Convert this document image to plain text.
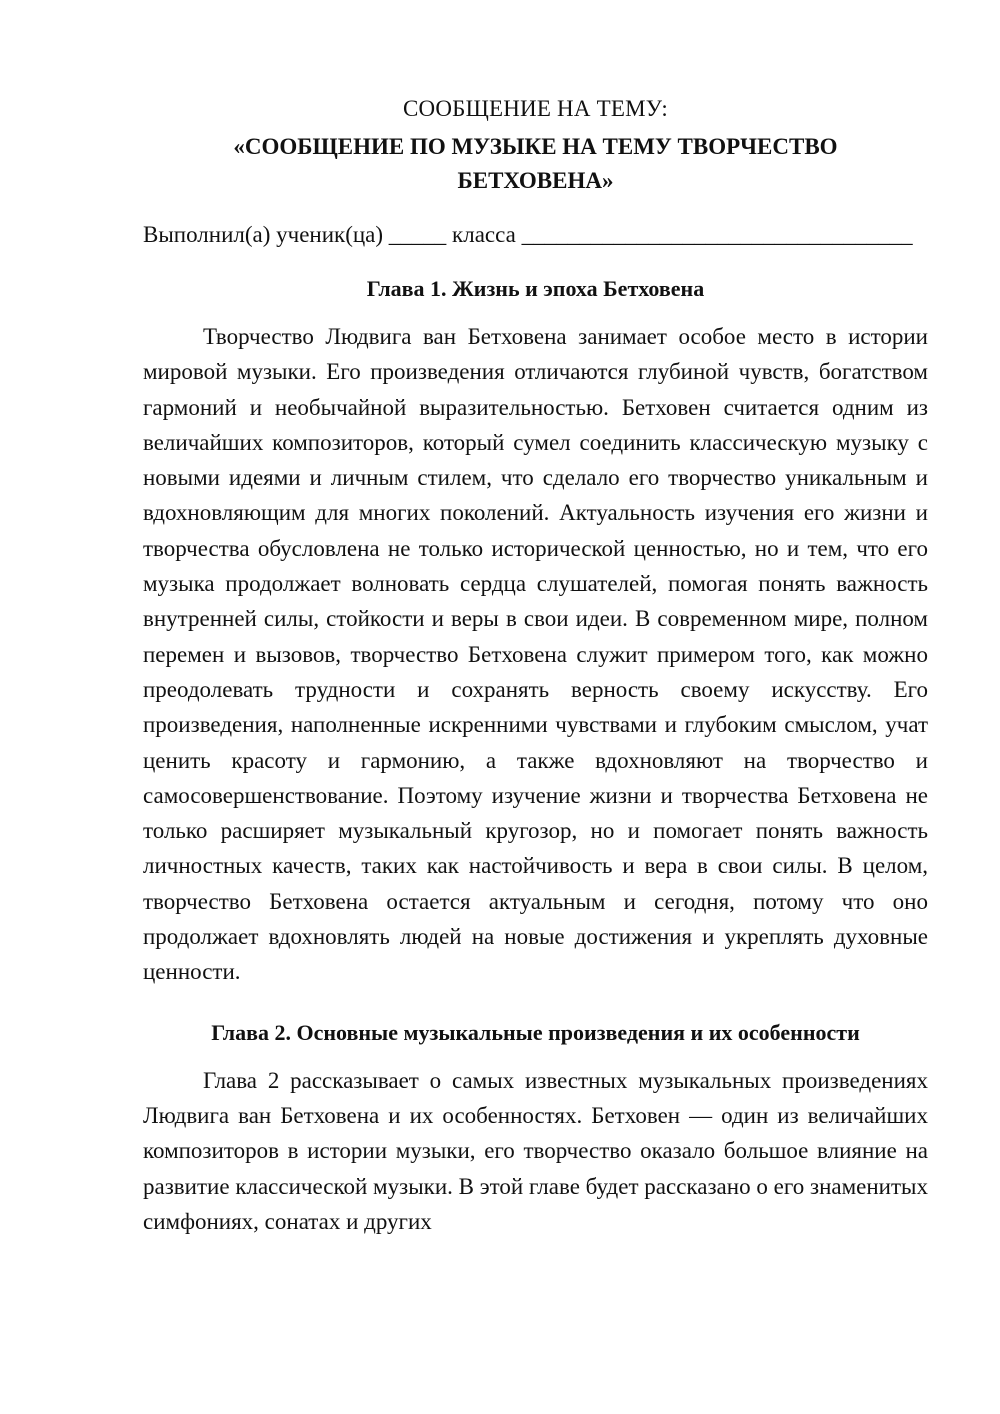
СООБЩЕНИЕ НА ТЕМУ:
«СООБЩЕНИЕ ПО МУЗЫКЕ НА ТЕМУ ТВОРЧЕСТВО БЕТХОВЕНА»
Выполнил(а) ученик(ца) _____ класса __________________________________
Глава 1. Жизнь и эпоха Бетховена

Творчество Людвига ван Бетховена занимает особое место в истории мировой музыки. Его произведения отличаются глубиной чувств, богатством гармоний и необычайной выразительностью. Бетховен считается одним из величайших композиторов, который сумел соединить классическую музыку с новыми идеями и личным стилем, что сделало его творчество уникальным и вдохновляющим для многих поколений. Актуальность изучения его жизни и творчества обусловлена не только исторической ценностью, но и тем, что его музыка продолжает волновать сердца слушателей, помогая понять важность внутренней силы, стойкости и веры в свои идеи. В современном мире, полном перемен и вызовов, творчество Бетховена служит примером того, как можно преодолевать трудности и сохранять верность своему искусству. Его произведения, наполненные искренними чувствами и глубоким смыслом, учат ценить красоту и гармонию, а также вдохновляют на творчество и самосовершенствование. Поэтому изучение жизни и творчества Бетховена не только расширяет музыкальный кругозор, но и помогает понять важность личностных качеств, таких как настойчивость и вера в свои силы. В целом, творчество Бетховена остается актуальным и сегодня, потому что оно продолжает вдохновлять людей на новые достижения и укреплять духовные ценности.

Глава 2. Основные музыкальные произведения и их особенности

Глава 2 рассказывает о самых известных музыкальных произведениях Людвига ван Бетховена и их особенностях. Бетховен — один из величайших композиторов в истории музыки, его творчество оказало большое влияние на развитие классической музыки. В этой главе будет рассказано о его знаменитых симфониях, сонатах и других
